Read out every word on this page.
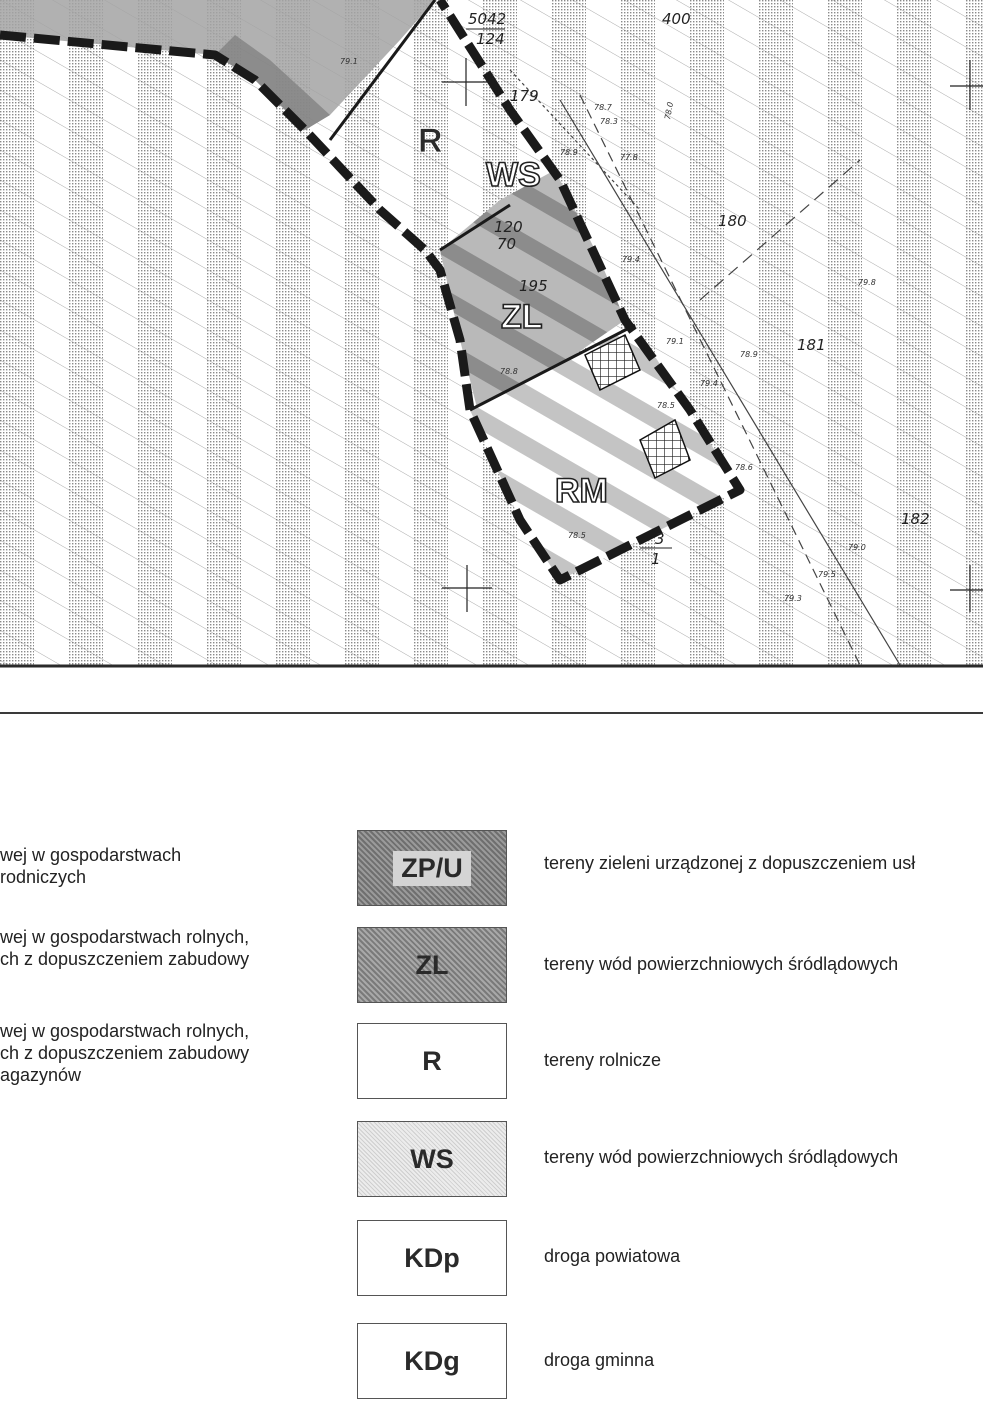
5042
124
400
179
180
181
182
3
1
195
120
70
79.1
78.0
78.9
78.7
78.3
77.8
79.4
79.8
79.1
78.9
78.6
79.0
79.5
78.5
79.4
79.3
78.5
78.8
R
WS
ZL
RM
wej w gospodarstwach
rodniczych
wej w gospodarstwach rolnych,
ch z dopuszczeniem zabudowy
wej w gospodarstwach rolnych,
ch z dopuszczeniem zabudowy
agazynów
ZP/U	tereny zieleni urządzonej z dopuszczeniem usł
ZL	tereny wód powierzchniowych śródlądowych
R	tereny rolnicze
WS	tereny wód powierzchniowych śródlądowych
KDp	droga powiatowa
KDg	droga gminna
